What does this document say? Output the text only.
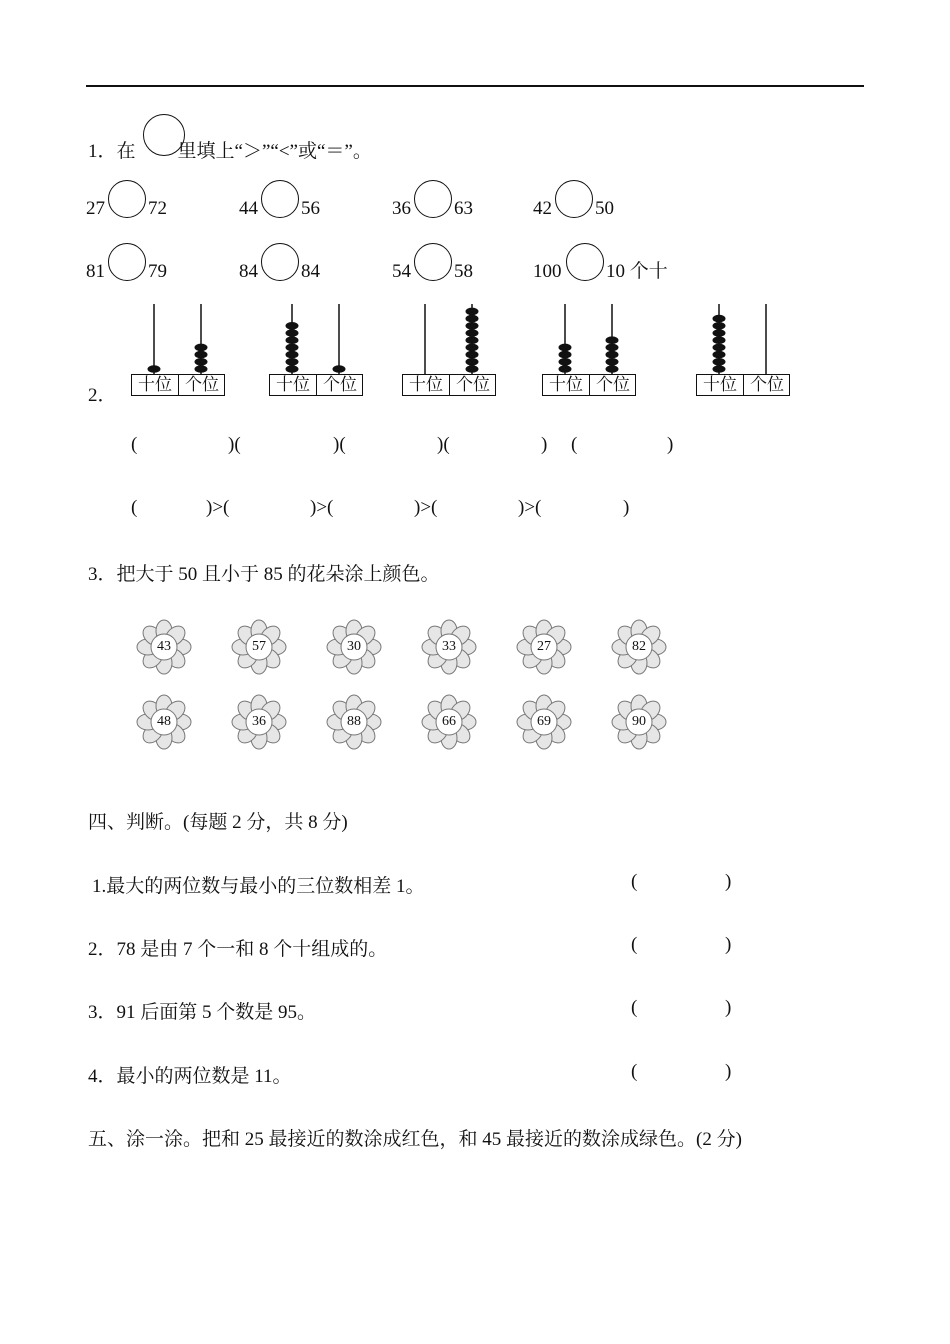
1．在 里填上“＞”“<”或“＝”。
27 72	44 56	36 63	42 50
81 79	84 84	54 58	100 10 个十
2．
十位 个位	十位 个位	十位 个位	十位 个位	十位 个位
(	)(	)(	)(	) (	)
(	)>(	)>(	)>(	)>(	)
3．把大于 50 且小于 85 的花朵涂上颜色。
43	57	30	33	27	82
48	36	88	66	69	90
四、判断。(每题 2 分，共 8 分)
1.最大的两位数与最小的三位数相差 1。	(	)
2．78 是由 7 个一和 8 个十组成的。	(	)
3．91 后面第 5 个数是 95。	(	)
4．最小的两位数是 11。	(	)
五、涂一涂。把和 25 最接近的数涂成红色，和 45 最接近的数涂成绿色。(2 分)
